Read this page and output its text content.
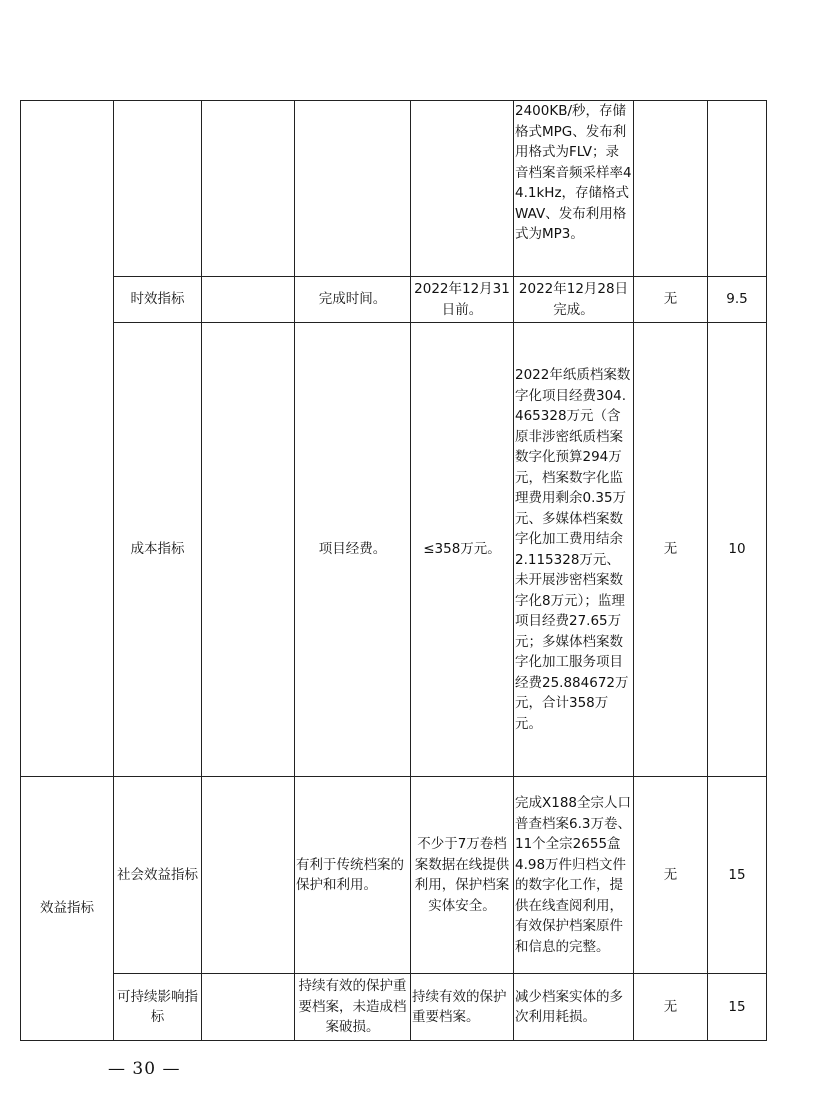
					2400KB/秒，存储格式MPG、发布利用格式为FLV；录音档案音频采样率44.1kHz，存储格式WAV、发布利用格式为MP3。		
	时效指标		完成时间。	2022年12月31日前。	2022年12月28日完成。	无	9.5
	成本指标		项目经费。	≤358万元。	2022年纸质档案数字化项目经费304.465328万元（含原非涉密纸质档案数字化预算294万元，档案数字化监理费用剩余0.35万元、多媒体档案数字化加工费用结余2.115328万元、未开展涉密档案数字化8万元）；监理项目经费27.65万元；多媒体档案数字化加工服务项目经费25.884672万元，合计358万元。	无	10
效益指标	社会效益指标		有利于传统档案的保护和利用。	不少于7万卷档案数据在线提供利用，保护档案实体安全。	完成X188全宗人口普查档案6.3万卷、11个全宗2655盒4.98万件归档文件的数字化工作，提供在线查阅利用，有效保护档案原件和信息的完整。	无	15
	可持续影响指标		持续有效的保护重要档案，未造成档案破损。	持续有效的保护重要档案。	减少档案实体的多次利用耗损。	无	15
— 30 —
